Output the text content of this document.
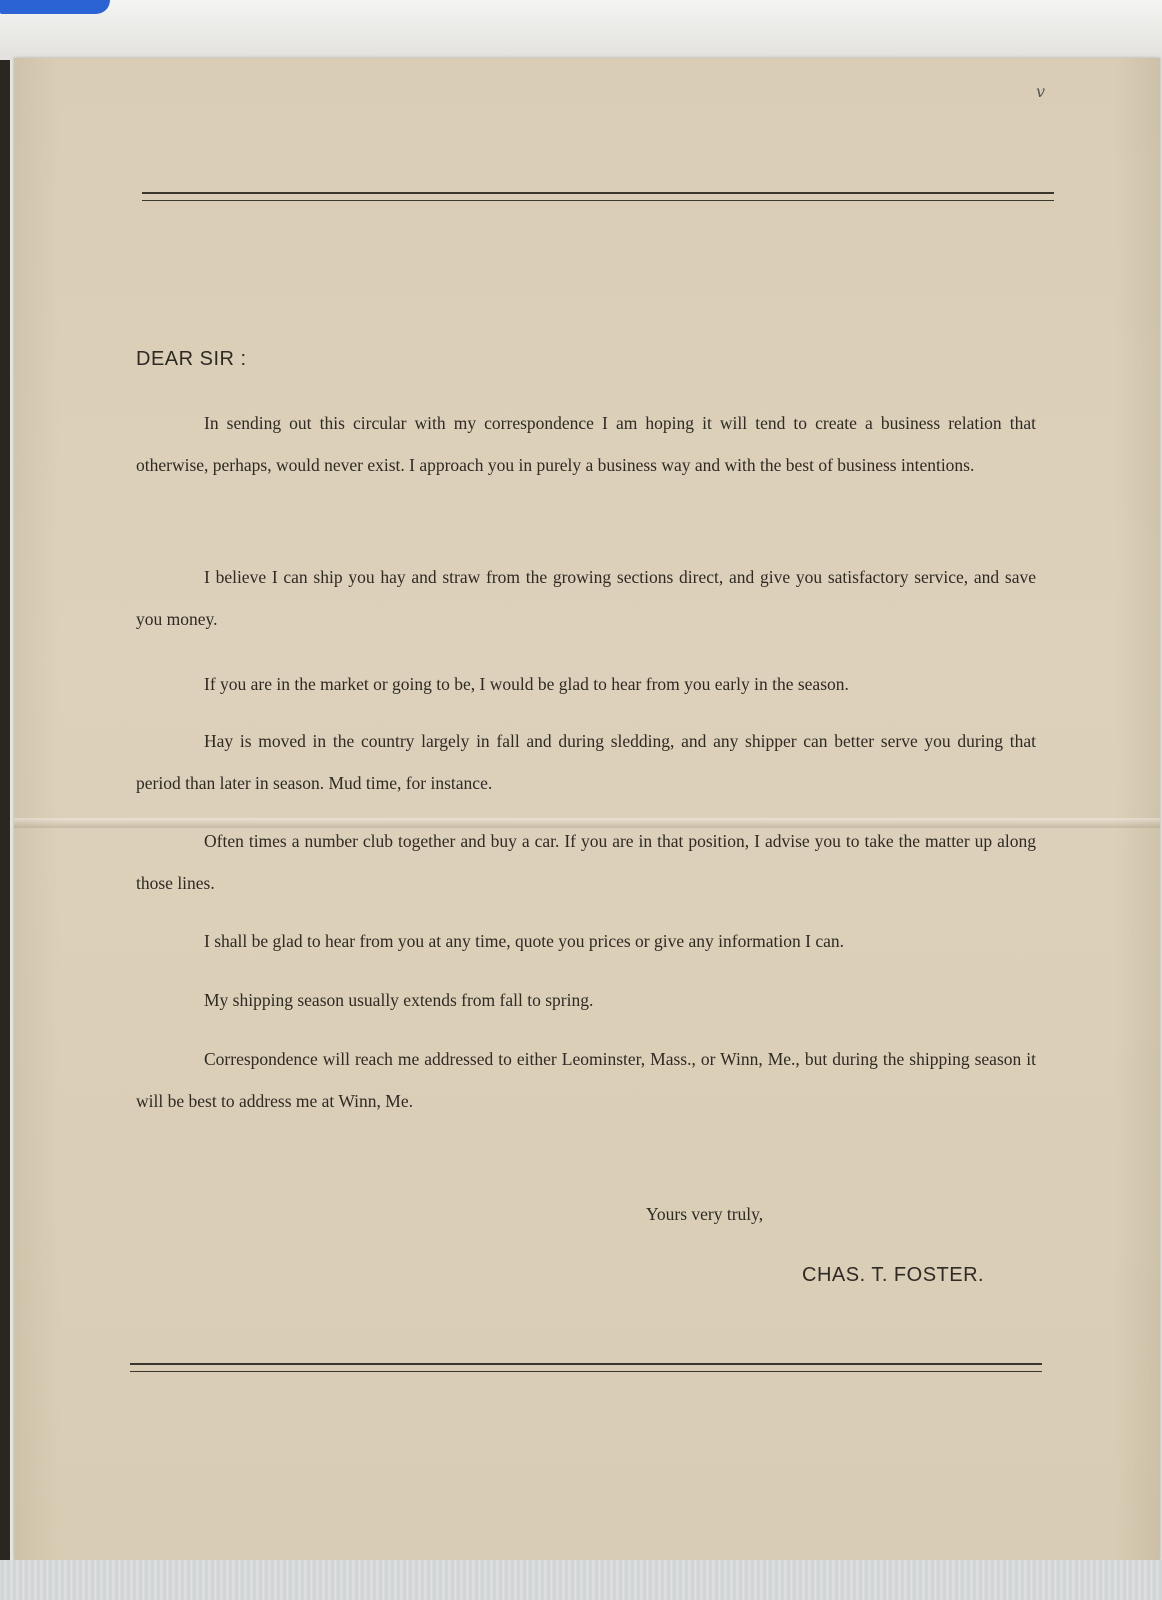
v
DEAR SIR :

In sending out this circular with my correspondence I am hoping it will tend to create a business relation that otherwise, perhaps, would never exist. I approach you in purely a business way and with the best of business intentions.

I believe I can ship you hay and straw from the growing sections direct, and give you satisfactory service, and save you money.

If you are in the market or going to be, I would be glad to hear from you early in the season.

Hay is moved in the country largely in fall and during sledding, and any shipper can better serve you during that period than later in season. Mud time, for instance.

Often times a number club together and buy a car. If you are in that position, I advise you to take the matter up along those lines.

I shall be glad to hear from you at any time, quote you prices or give any information I can.

My shipping season usually extends from fall to spring.

Correspondence will reach me addressed to either Leominster, Mass., or Winn, Me., but during the shipping season it will be best to address me at Winn, Me.

Yours very truly,
CHAS. T. FOSTER.
